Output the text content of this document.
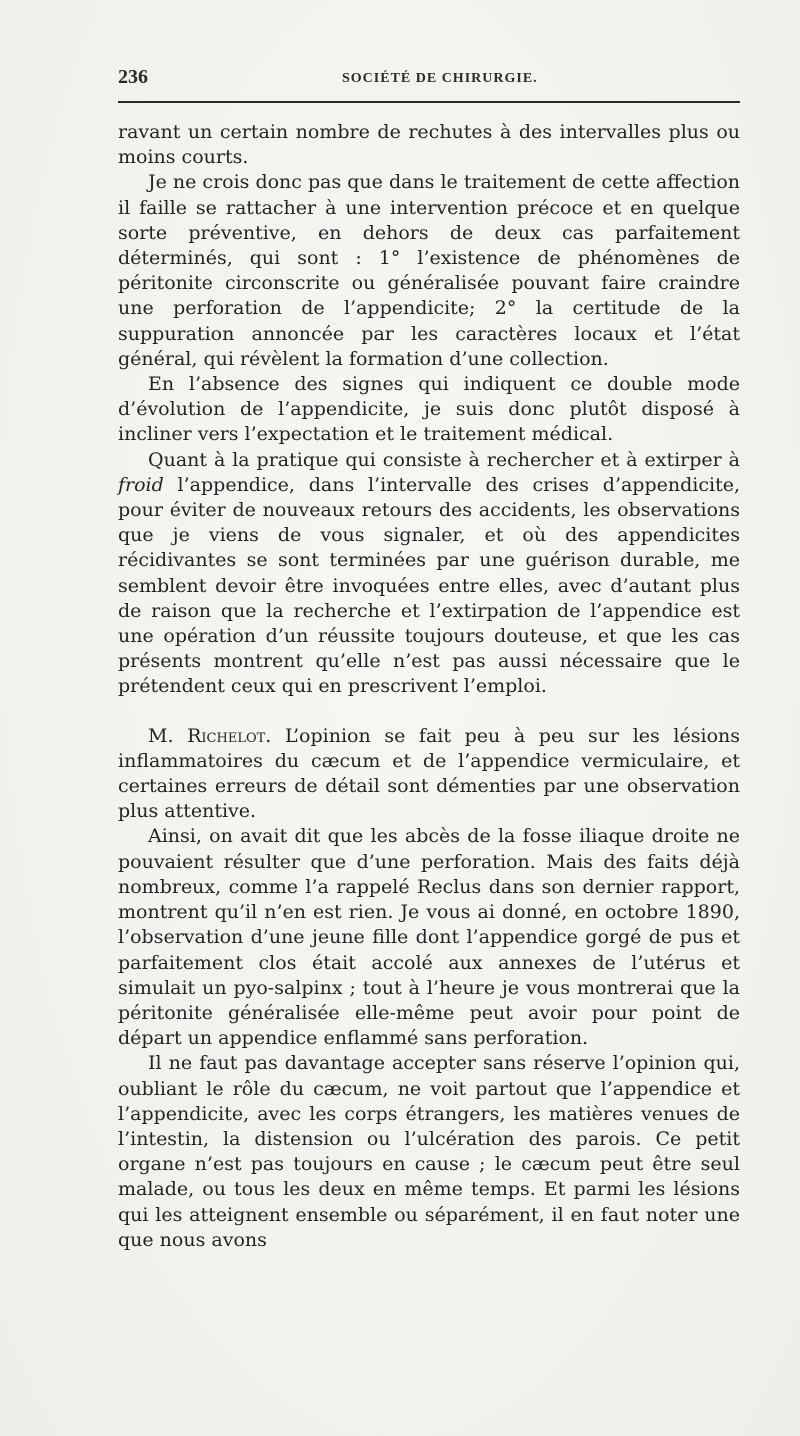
236	SOCIÉTÉ DE CHIRURGIE.

ravant un certain nombre de rechutes à des intervalles plus ou moins courts.

Je ne crois donc pas que dans le traitement de cette affection il faille se rattacher à une intervention précoce et en quelque sorte préventive, en dehors de deux cas parfaitement déterminés, qui sont : 1° l’existence de phénomènes de péritonite circonscrite ou généralisée pouvant faire craindre une perforation de l’appendicite; 2° la certitude de la suppuration annoncée par les caractères locaux et l’état général, qui révèlent la formation d’une collection.

En l’absence des signes qui indiquent ce double mode d’évolution de l’appendicite, je suis donc plutôt disposé à incliner vers l’expectation et le traitement médical.

Quant à la pratique qui consiste à rechercher et à extirper à froid l’appendice, dans l’intervalle des crises d’appendicite, pour éviter de nouveaux retours des accidents, les observations que je viens de vous signaler, et où des appendicites récidivantes se sont terminées par une guérison durable, me semblent devoir être invoquées entre elles, avec d’autant plus de raison que la recherche et l’extirpation de l’appendice est une opération d’un réussite toujours douteuse, et que les cas présents montrent qu’elle n’est pas aussi nécessaire que le prétendent ceux qui en prescrivent l’emploi.

M. Richelot. L’opinion se fait peu à peu sur les lésions inflammatoires du cæcum et de l’appendice vermiculaire, et certaines erreurs de détail sont démenties par une observation plus attentive.

Ainsi, on avait dit que les abcès de la fosse iliaque droite ne pouvaient résulter que d’une perforation. Mais des faits déjà nombreux, comme l’a rappelé Reclus dans son dernier rapport, montrent qu’il n’en est rien. Je vous ai donné, en octobre 1890, l’observation d’une jeune fille dont l’appendice gorgé de pus et parfaitement clos était accolé aux annexes de l’utérus et simulait un pyo-salpinx ; tout à l’heure je vous montrerai que la péritonite généralisée elle-même peut avoir pour point de départ un appendice enflammé sans perforation.

Il ne faut pas davantage accepter sans réserve l’opinion qui, oubliant le rôle du cæcum, ne voit partout que l’appendice et l’appendicite, avec les corps étrangers, les matières venues de l’intestin, la distension ou l’ulcération des parois. Ce petit organe n’est pas toujours en cause ; le cæcum peut être seul malade, ou tous les deux en même temps. Et parmi les lésions qui les atteignent ensemble ou séparément, il en faut noter une que nous avons
